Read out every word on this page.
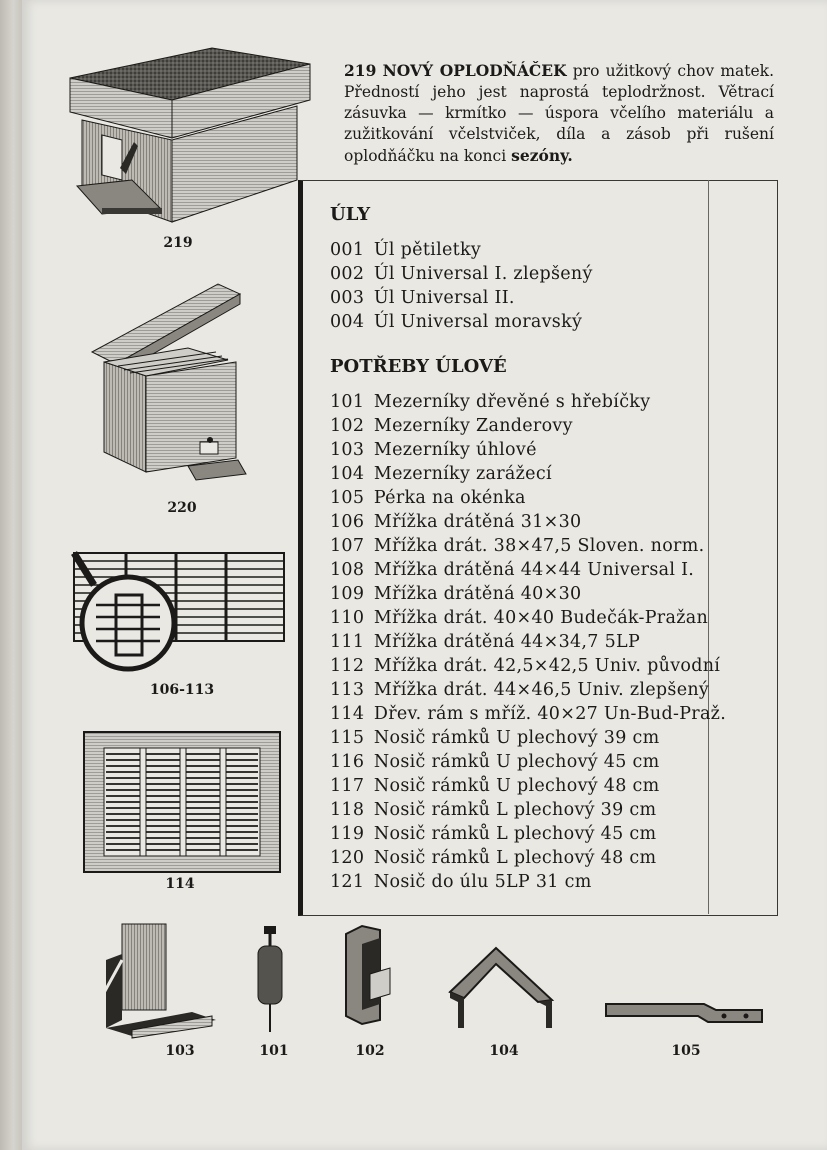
219
220
106-113
114
219 NOVÝ OPLODŇÁČEK pro užitkový chov matek. Předností jeho jest naprostá teplodržnost. Větrací zásuvka — krmítko — úspora včelího materiálu a zužitkování včelstviček, díla a zásob při rušení oplodňáčku na konci sezóny.
ÚLY
001 Úl pětiletky
002 Úl Universal I. zlepšený
003 Úl Universal II.
004 Úl Universal moravský
POTŘEBY ÚLOVÉ
101 Mezerníky dřevěné s hřebíčky
102 Mezerníky Zanderovy
103 Mezerníky úhlové
104 Mezerníky zarážecí
105 Pérka na okénka
106 Mřížka drátěná 31×30
107 Mřížka drát. 38×47,5 Sloven. norm.
108 Mřížka drátěná 44×44 Universal I.
109 Mřížka drátěná 40×30
110 Mřížka drát. 40×40 Budečák-Pražan
111 Mřížka drátěná 44×34,7 5LP
112 Mřížka drát. 42,5×42,5 Univ. původní
113 Mřížka drát. 44×46,5 Univ. zlepšený
114 Dřev. rám s mříž. 40×27 Un-Bud-Praž.
115 Nosič rámků U plechový 39 cm
116 Nosič rámků U plechový 45 cm
117 Nosič rámků U plechový 48 cm
118 Nosič rámků L plechový 39 cm
119 Nosič rámků L plechový 45 cm
120 Nosič rámků L plechový 48 cm
121 Nosič do úlu 5LP 31 cm
103	101	102	104	105
